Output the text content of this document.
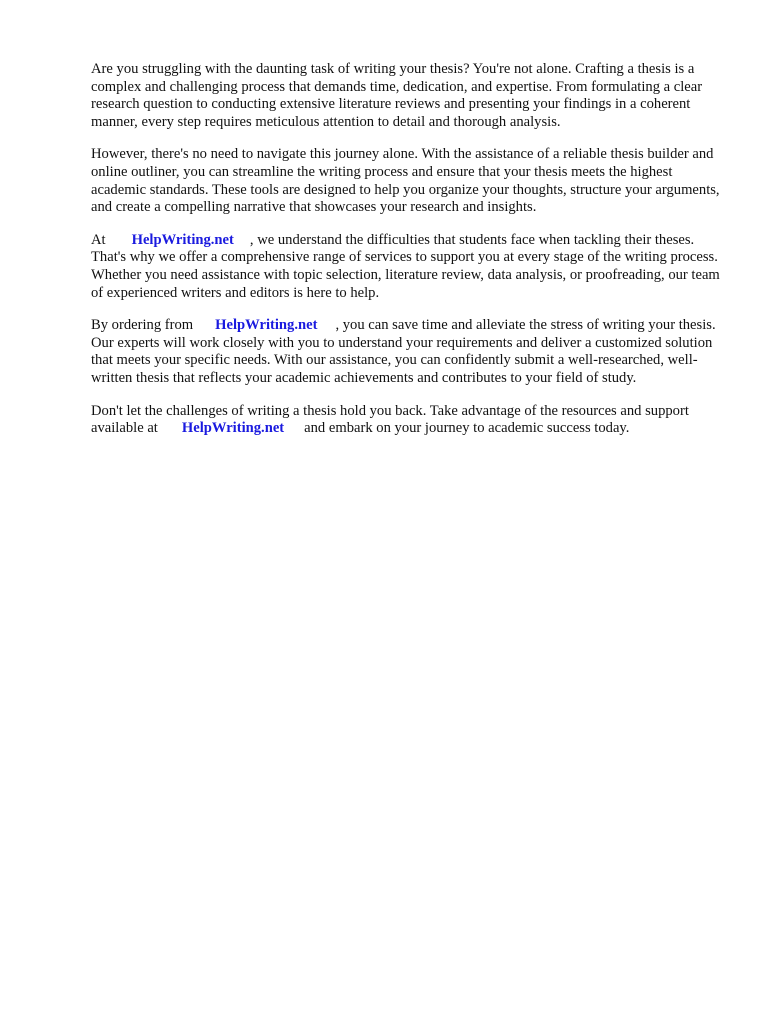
Are you struggling with the daunting task of writing your thesis? You're not alone. Crafting a thesis is a complex and challenging process that demands time, dedication, and expertise. From formulating a clear research question to conducting extensive literature reviews and presenting your findings in a coherent manner, every step requires meticulous attention to detail and thorough analysis.

However, there's no need to navigate this journey alone. With the assistance of a reliable thesis builder and online outliner, you can streamline the writing process and ensure that your thesis meets the highest academic standards. These tools are designed to help you organize your thoughts, structure your arguments, and create a compelling narrative that showcases your research and insights.

At HelpWriting.net , we understand the difficulties that students face when tackling their theses. That's why we offer a comprehensive range of services to support you at every stage of the writing process. Whether you need assistance with topic selection, literature review, data analysis, or proofreading, our team of experienced writers and editors is here to help.

By ordering from HelpWriting.net , you can save time and alleviate the stress of writing your thesis. Our experts will work closely with you to understand your requirements and deliver a customized solution that meets your specific needs. With our assistance, you can confidently submit a well-researched, well-written thesis that reflects your academic achievements and contributes to your field of study.

Don't let the challenges of writing a thesis hold you back. Take advantage of the resources and support available at HelpWriting.net and embark on your journey to academic success today.
